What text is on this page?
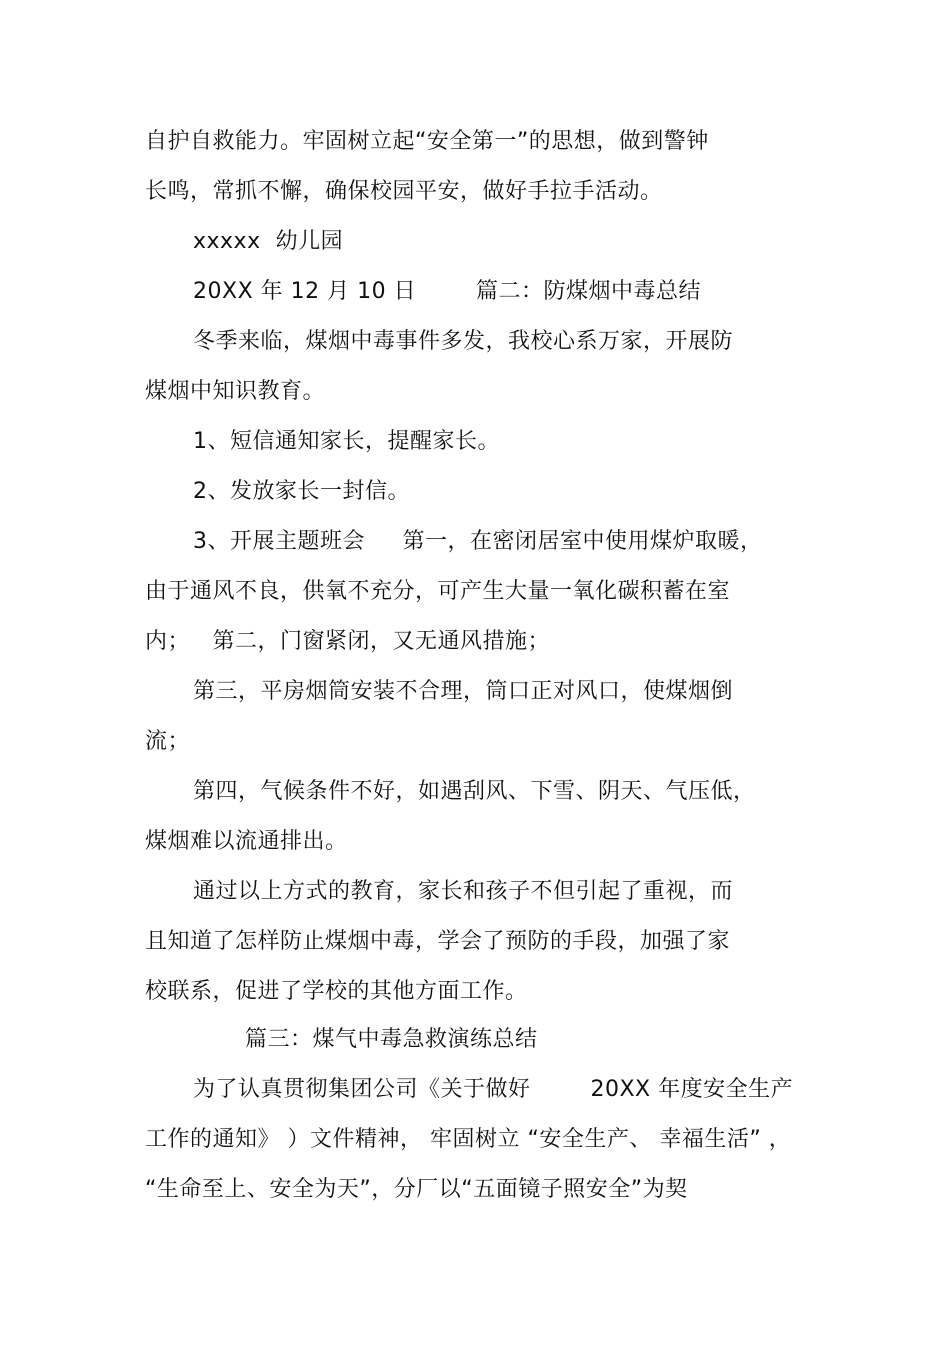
自护自救能力。牢固树立起“安全第一”的思想，做到警钟
长鸣，常抓不懈，确保校园平安，做好手拉手活动。
xxxxx  幼儿园
20XX 年 12 月 10 日        篇二：防煤烟中毒总结
冬季来临，煤烟中毒事件多发，我校心系万家，开展防
煤烟中知识教育。
1、短信通知家长，提醒家长。
2、发放家长一封信。
3、开展主题班会     第一，在密闭居室中使用煤炉取暖，
由于通风不良，供氧不充分，可产生大量一氧化碳积蓄在室
内；   第二，门窗紧闭，又无通风措施；
第三，平房烟筒安装不合理，筒口正对风口，使煤烟倒
流；
第四，气候条件不好，如遇刮风、下雪、阴天、气压低，
煤烟难以流通排出。
通过以上方式的教育，家长和孩子不但引起了重视，而
且知道了怎样防止煤烟中毒，学会了预防的手段，加强了家
校联系，促进了学校的其他方面工作。
篇三：煤气中毒急救演练总结
为了认真贯彻集团公司《关于做好        20XX 年度安全生产
工作的通知》 ）文件精神， 牢固树立 “安全生产、 幸福生活” ，
“生命至上、安全为天”，分厂以“五面镜子照安全”为契
